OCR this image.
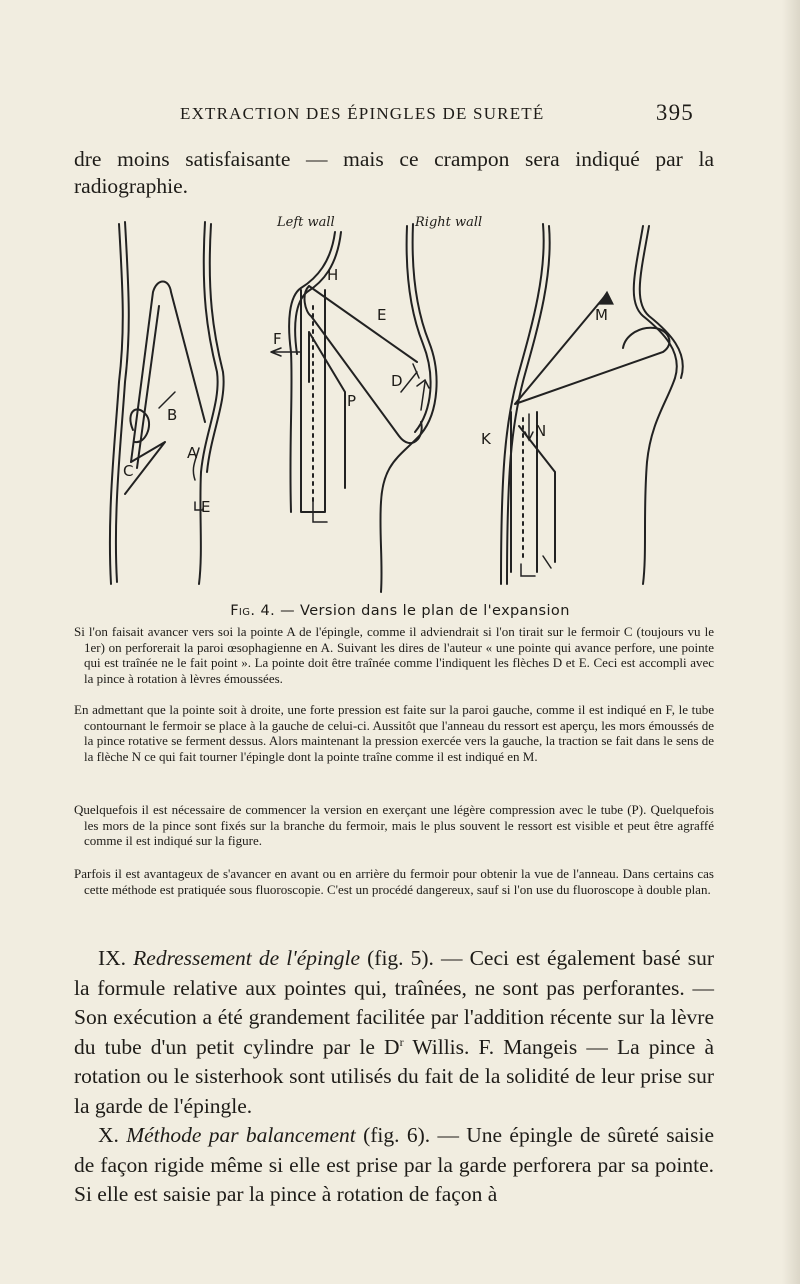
EXTRACTION DES ÉPINGLES DE SURETÉ	395
dre moins satisfaisante — mais ce crampon sera indiqué par la radiographie.
Left wall	Right wall
B
A
C
E
F
H
E
D
P
M
N
K
Fig. 4. — Version dans le plan de l'expansion
Si l'on faisait avancer vers soi la pointe A de l'épingle, comme il adviendrait si l'on tirait sur le fermoir C (toujours vu le 1er) on perforerait la paroi œsophagienne en A. Suivant les dires de l'auteur « une pointe qui avance perfore, une pointe qui est traînée ne le fait point ». La pointe doit être traînée comme l'indiquent les flèches D et E. Ceci est accompli avec la pince à rotation à lèvres émoussées.
En admettant que la pointe soit à droite, une forte pression est faite sur la paroi gauche, comme il est indiqué en F, le tube contournant le fermoir se place à la gauche de celui-ci. Aussitôt que l'anneau du ressort est aperçu, les mors émoussés de la pince rotative se ferment dessus. Alors maintenant la pression exercée vers la gauche, la traction se fait dans le sens de la flèche N ce qui fait tourner l'épingle dont la pointe traîne comme il est indiqué en M.
Quelquefois il est nécessaire de commencer la version en exerçant une légère compression avec le tube (P). Quelquefois les mors de la pince sont fixés sur la branche du fermoir, mais le plus souvent le ressort est visible et peut être agraffé comme il est indiqué sur la figure.
Parfois il est avantageux de s'avancer en avant ou en arrière du fermoir pour obtenir la vue de l'anneau. Dans certains cas cette méthode est pratiquée sous fluoroscopie. C'est un procédé dangereux, sauf si l'on use du fluoroscope à double plan.

IX. Redressement de l'épingle (fig. 5). — Ceci est également basé sur la formule relative aux pointes qui, traînées, ne sont pas perforantes. — Son exécution a été grandement facilitée par l'addition récente sur la lèvre du tube d'un petit cylindre par le $D^r$ Willis. F. Mangeis — La pince à rotation ou le sisterhook sont utilisés du fait de la solidité de leur prise sur la garde de l'épingle.

X. Méthode par balancement (fig. 6). — Une épingle de sûreté saisie de façon rigide même si elle est prise par la garde perforera par sa pointe. Si elle est saisie par la pince à rotation de façon à
